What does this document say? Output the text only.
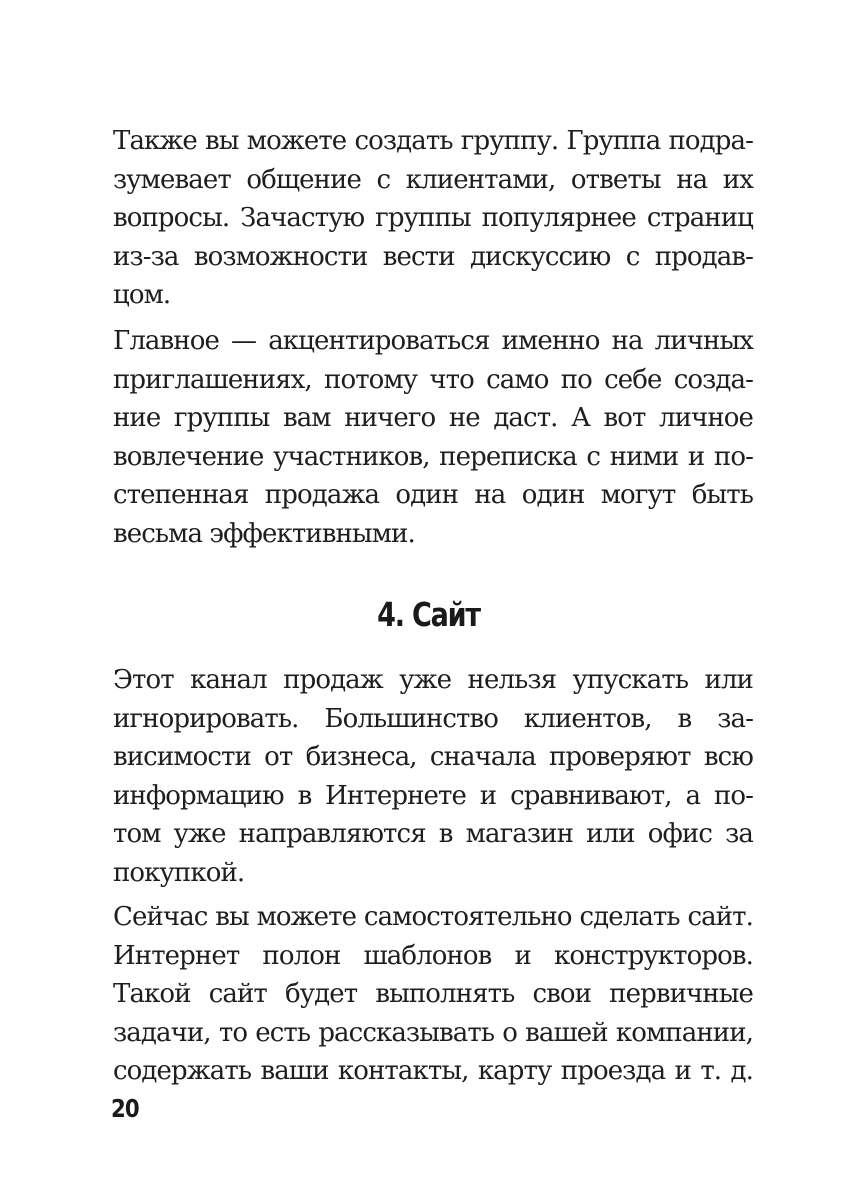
Также вы можете создать группу. Группа подра-
зумевает общение с клиентами, ответы на их
вопросы. Зачастую группы популярнее страниц
из-за возможности вести дискуссию с продав-
цом.
Главное — акцентироваться именно на личных
приглашениях, потому что само по себе созда-
ние группы вам ничего не даст. А вот личное
вовлечение участников, переписка с ними и по-
степенная продажа один на один могут быть
весьма эффективными.
4. Сайт
Этот канал продаж уже нельзя упускать или
игнорировать. Большинство клиентов, в за-
висимости от бизнеса, сначала проверяют всю
информацию в Интернете и сравнивают, а по-
том уже направляются в магазин или офис за
покупкой.
Сейчас вы можете самостоятельно сделать сайт.
Интернет полон шаблонов и конструкторов.
Такой сайт будет выполнять свои первичные
задачи, то есть рассказывать о вашей компании,
содержать ваши контакты, карту проезда и т. д.
20
